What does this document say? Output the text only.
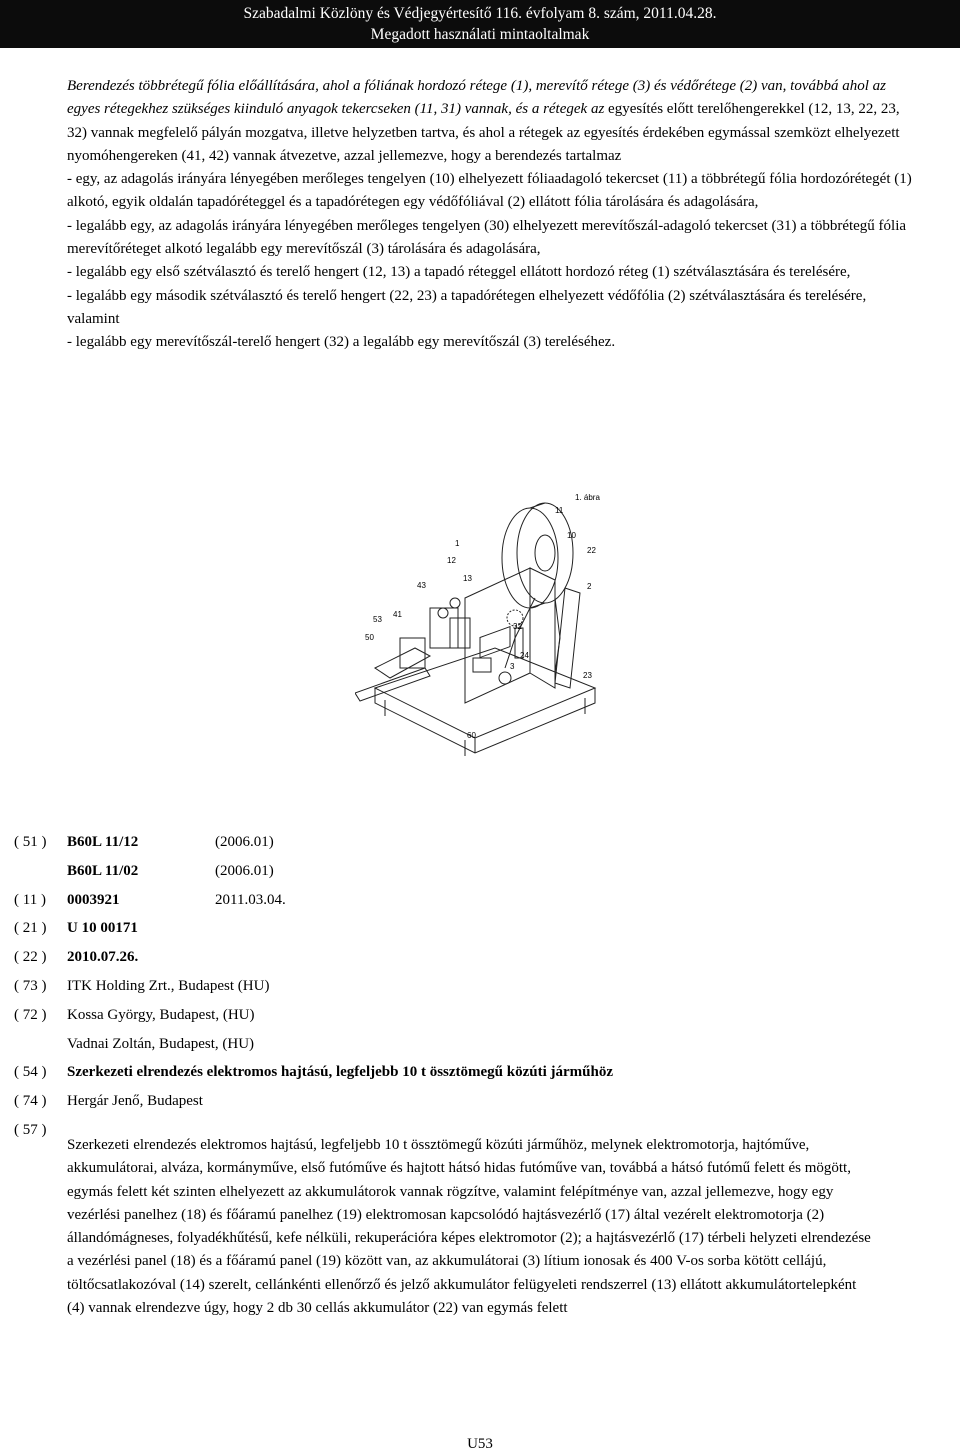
Szabadalmi Közlöny és Védjegyértesítő 116. évfolyam 8. szám, 2011.04.28.
Megadott használati mintaoltalmak

Berendezés többrétegű fólia előállítására, ahol a fóliának hordozó rétege (1), merevítő rétege (3) és védőrétege (2) van, továbbá ahol az egyes rétegekhez szükséges kiinduló anyagok tekercseken (11, 31) vannak, és a rétegek az egyesítés előtt terelőhengerekkel (12, 13, 22, 23, 32) vannak megfelelő pályán mozgatva, illetve helyzetben tartva, és ahol a rétegek az egyesítés érdekében egymással szemközt elhelyezett nyomóhengereken (41, 42) vannak átvezetve, azzal jellemezve, hogy a berendezés tartalmaz

- egy, az adagolás irányára lényegében merőleges tengelyen (10) elhelyezett fóliaadagoló tekercset (11) a többrétegű fólia hordozórétegét (1) alkotó, egyik oldalán tapadóréteggel és a tapadórétegen egy védőfóliával (2) ellátott fólia tárolására és adagolására,

- legalább egy, az adagolás irányára lényegében merőleges tengelyen (30) elhelyezett merevítőszál-adagoló tekercset (31) a többrétegű fólia merevítőréteget alkotó legalább egy merevítőszál (3) tárolására és adagolására,

- legalább egy első szétválasztó és terelő hengert (12, 13) a tapadó réteggel ellátott hordozó réteg (1) szétválasztására és terelésére,

- legalább egy második szétválasztó és terelő hengert (22, 23) a tapadórétegen elhelyezett védőfólia (2) szétválasztására és terelésére, valamint

- legalább egy merevítőszál-terelő hengert (32) a legalább egy merevítőszál (3) tereléséhez.

1. ábra
11
10
22
1
12
43
13
2
53
41
50
32
24
3
23
60
( 51 )	B60L 11/12	(2006.01)
B60L 11/02	(2006.01)
( 11 )	0003921	2011.03.04.
( 21 )	U 10 00171
( 22 )	2010.07.26.
( 73 )	ITK Holding Zrt., Budapest (HU)
( 72 )	Kossa György, Budapest, (HU)
Vadnai Zoltán, Budapest, (HU)
( 54 )	Szerkezeti elrendezés elektromos hajtású, legfeljebb 10 t össztömegű közúti járműhöz
( 74 )	Hergár Jenő, Budapest
( 57 )
Szerkezeti elrendezés elektromos hajtású, legfeljebb 10 t össztömegű közúti járműhöz, melynek elektromotorja, hajtóműve, akkumulátorai, alváza, kormányműve, első futóműve és hajtott hátsó hidas futóműve van, továbbá a hátsó futómű felett és mögött, egymás felett két szinten elhelyezett az akkumulátorok vannak rögzítve, valamint felépítménye van, azzal jellemezve, hogy egy vezérlési panelhez (18) és főáramú panelhez (19) elektromosan kapcsolódó hajtásvezérlő (17) által vezérelt elektromotorja (2) állandómágneses, folyadékhűtésű, kefe nélküli, rekuperációra képes elektromotor (2); a hajtásvezérlő (17) térbeli helyzeti elrendezése a vezérlési panel (18) és a főáramú panel (19) között van, az akkumulátorai (3) lítium ionosak és 400 V-os sorba kötött cellájú, töltőcsatlakozóval (14) szerelt, cellánkénti ellenőrző és jelző akkumulátor felügyeleti rendszerrel (13) ellátott akkumulátortelepként (4) vannak elrendezve úgy, hogy 2 db 30 cellás akkumulátor (22) van egymás felett
U53
